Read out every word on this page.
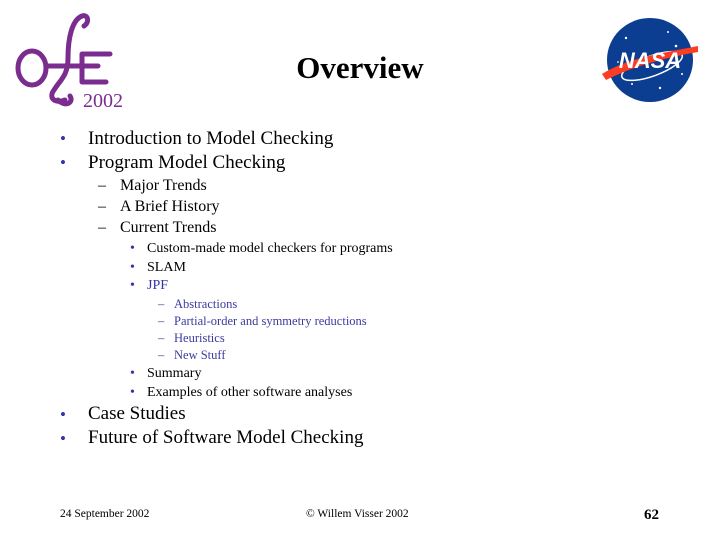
2002
Overview	NASA
• Introduction to Model Checking
• Program Model Checking
– Major Trends
– A Brief History
– Current Trends
• Custom-made model checkers for programs
• SLAM
• JPF
– Abstractions
– Partial-order and symmetry reductions
– Heuristics
– New Stuff
• Summary
• Examples of other software analyses
• Case Studies
• Future of Software Model Checking
24 September 2002	© Willem Visser 2002	62
